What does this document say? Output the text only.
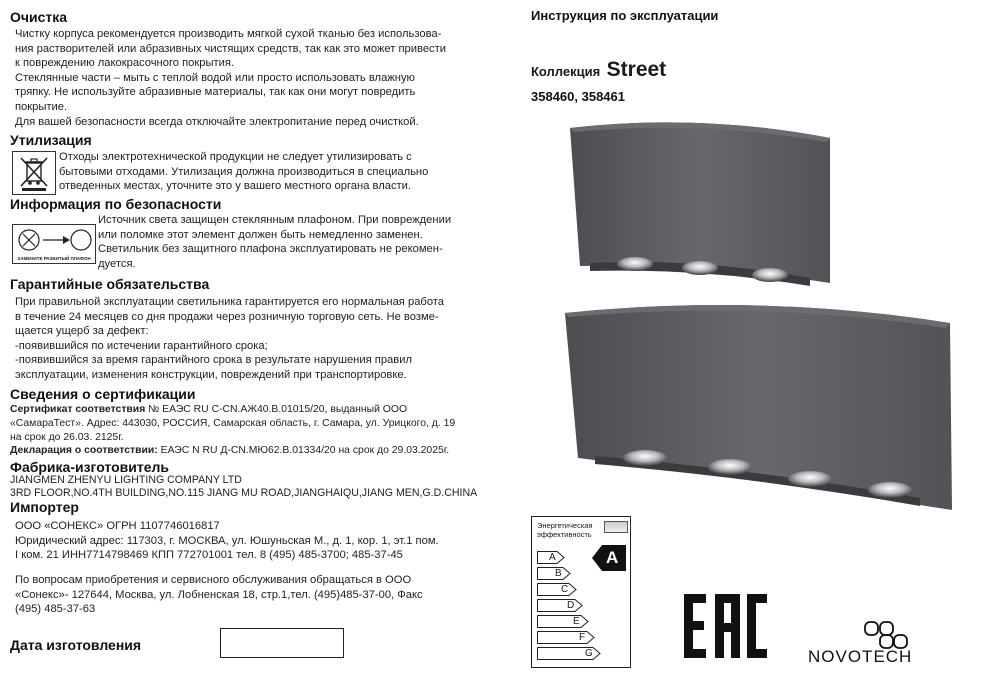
Очистка
Чистку корпуса рекомендуется производить мягкой сухой тканью без использова-
ния растворителей или абразивных чистящих средств, так как это может привести
к повреждению лакокрасочного покрытия.
Стеклянные части – мыть с теплой водой или просто использовать влажную
тряпку. Не используйте абразивные материалы, так как они могут повредить
покрытие.
Для вашей безопасности всегда отключайте электропитание перед очисткой.
Утилизация
Отходы электротехнической продукции не следует утилизировать с
бытовыми отходами. Утилизация должна производиться в специально
отведенных местах, уточните это у вашего местного органа власти.
Информация по безопасности
ЗАМЕНИТЕ РАЗБИТЫЙ ПЛАФОН
Источник света защищен стеклянным плафоном. При повреждении
или поломке этот элемент должен быть немедленно заменен.
Светильник без защитного плафона эксплуатировать не рекомен-
дуется.
Гарантийные обязательства
При правильной эксплуатации светильника гарантируется его нормальная работа
в течение 24 месяцев со дня продажи через розничную торговую сеть. Не возме-
щается ущерб за дефект:
-появившийся по истечении гарантийного срока;
-появившийся за время гарантийного срока в результате нарушения правил
эксплуатации, изменения конструкции, повреждений при транспортировке.
Сведения о сертификации
Сертификат соответствия № ЕАЭС RU C-CN.АЖ40.В.01015/20, выданный ООО
«СамараТест». Адрес: 443030, РОССИЯ, Самарская область, г. Самара, ул. Урицкого, д. 19
на срок до 26.03. 2125г.
Декларация о соответствии: ЕАЭС N RU Д-CN.МЮ62.В.01334/20 на срок до 29.03.2025г.
Фабрика-изготовитель
JIANGMEN ZHENYU LIGHTING COMPANY LTD
3RD FLOOR,NO.4TH BUILDING,NO.115 JIANG MU ROAD,JIANGHAIQU,JIANG MEN,G.D.CHINA
Импортер
ООО «СОНЕКС» ОГРН 1107746016817
Юридический адрес: 117303, г. МОСКВА, ул. Юшуньская М., д. 1, кор. 1, эт.1 пом.
I ком. 21 ИНН7714798469 КПП 772701001 тел. 8 (495) 485-3700; 485-37-45
По вопросам приобретения и сервисного обслуживания обращаться в ООО
«Сонекс»- 127644, Москва, ул. Лобненская 18, стр.1,тел. (495)485-37-00, Факс
(495) 485-37-63
Дата изготовления
Инструкция по эксплуатации
Коллекция Street
358460, 358461
Энергетическая
эффективность
A
B
C
D
E
F
G
A
NOVOTECH
